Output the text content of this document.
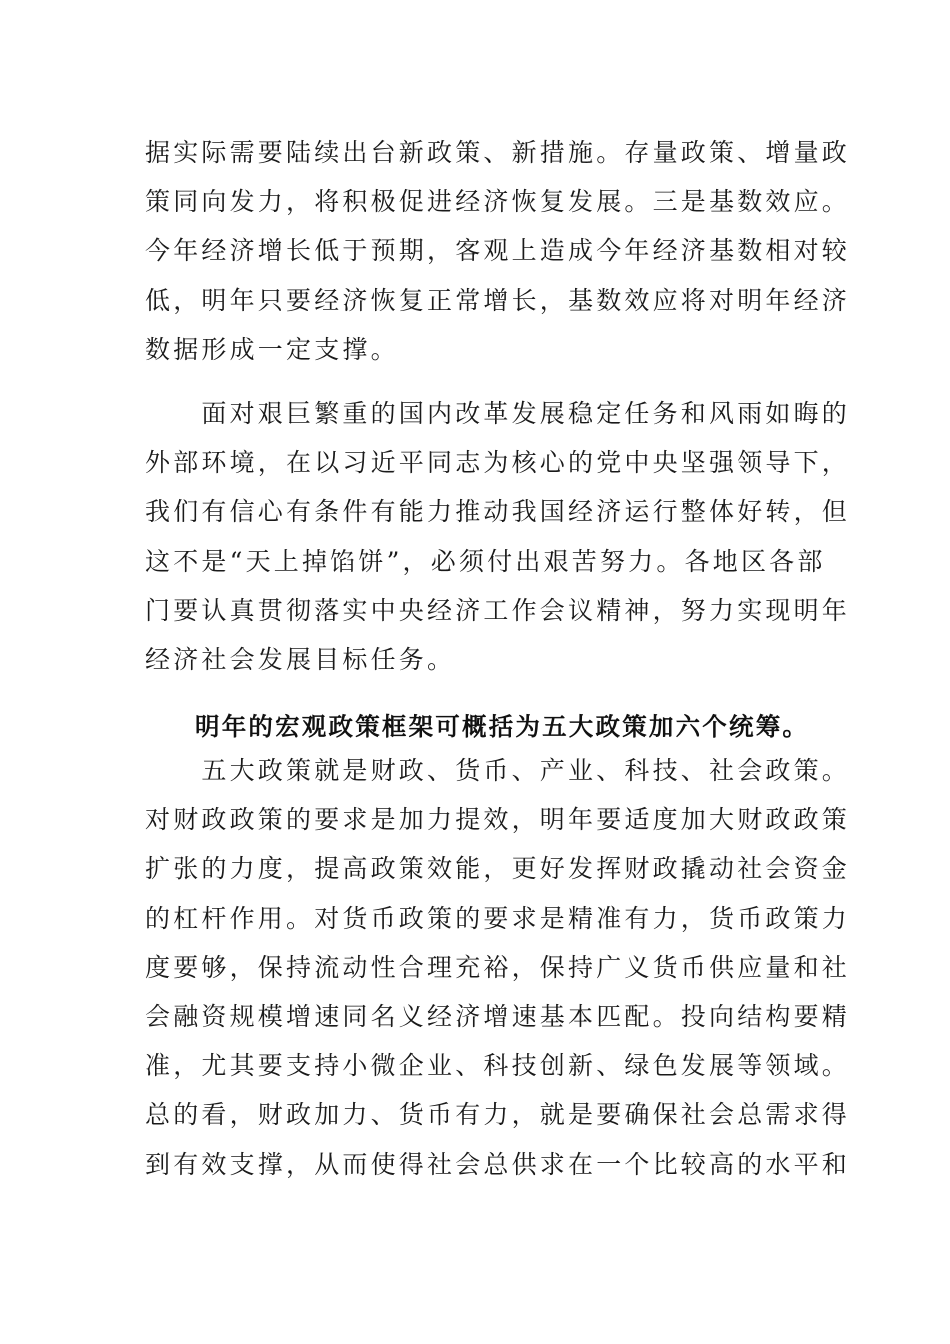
据实际需要陆续出台新政策、新措施。存量政策、增量政
策同向发力，将积极促进经济恢复发展。三是基数效应。
今年经济增长低于预期，客观上造成今年经济基数相对较
低，明年只要经济恢复正常增长，基数效应将对明年经济
数据形成一定支撑。
　　面对艰巨繁重的国内改革发展稳定任务和风雨如晦的
外部环境，在以习近平同志为核心的党中央坚强领导下，
我们有信心有条件有能力推动我国经济运行整体好转，但
这不是“天上掉馅饼”，必须付出艰苦努力。各地区各部
门要认真贯彻落实中央经济工作会议精神，努力实现明年
经济社会发展目标任务。
明年的宏观政策框架可概括为五大政策加六个统筹。
　　五大政策就是财政、货币、产业、科技、社会政策。
对财政政策的要求是加力提效，明年要适度加大财政政策
扩张的力度，提高政策效能，更好发挥财政撬动社会资金
的杠杆作用。对货币政策的要求是精准有力，货币政策力
度要够，保持流动性合理充裕，保持广义货币供应量和社
会融资规模增速同名义经济增速基本匹配。投向结构要精
准，尤其要支持小微企业、科技创新、绿色发展等领域。
总的看，财政加力、货币有力，就是要确保社会总需求得
到有效支撑，从而使得社会总供求在一个比较高的水平和
